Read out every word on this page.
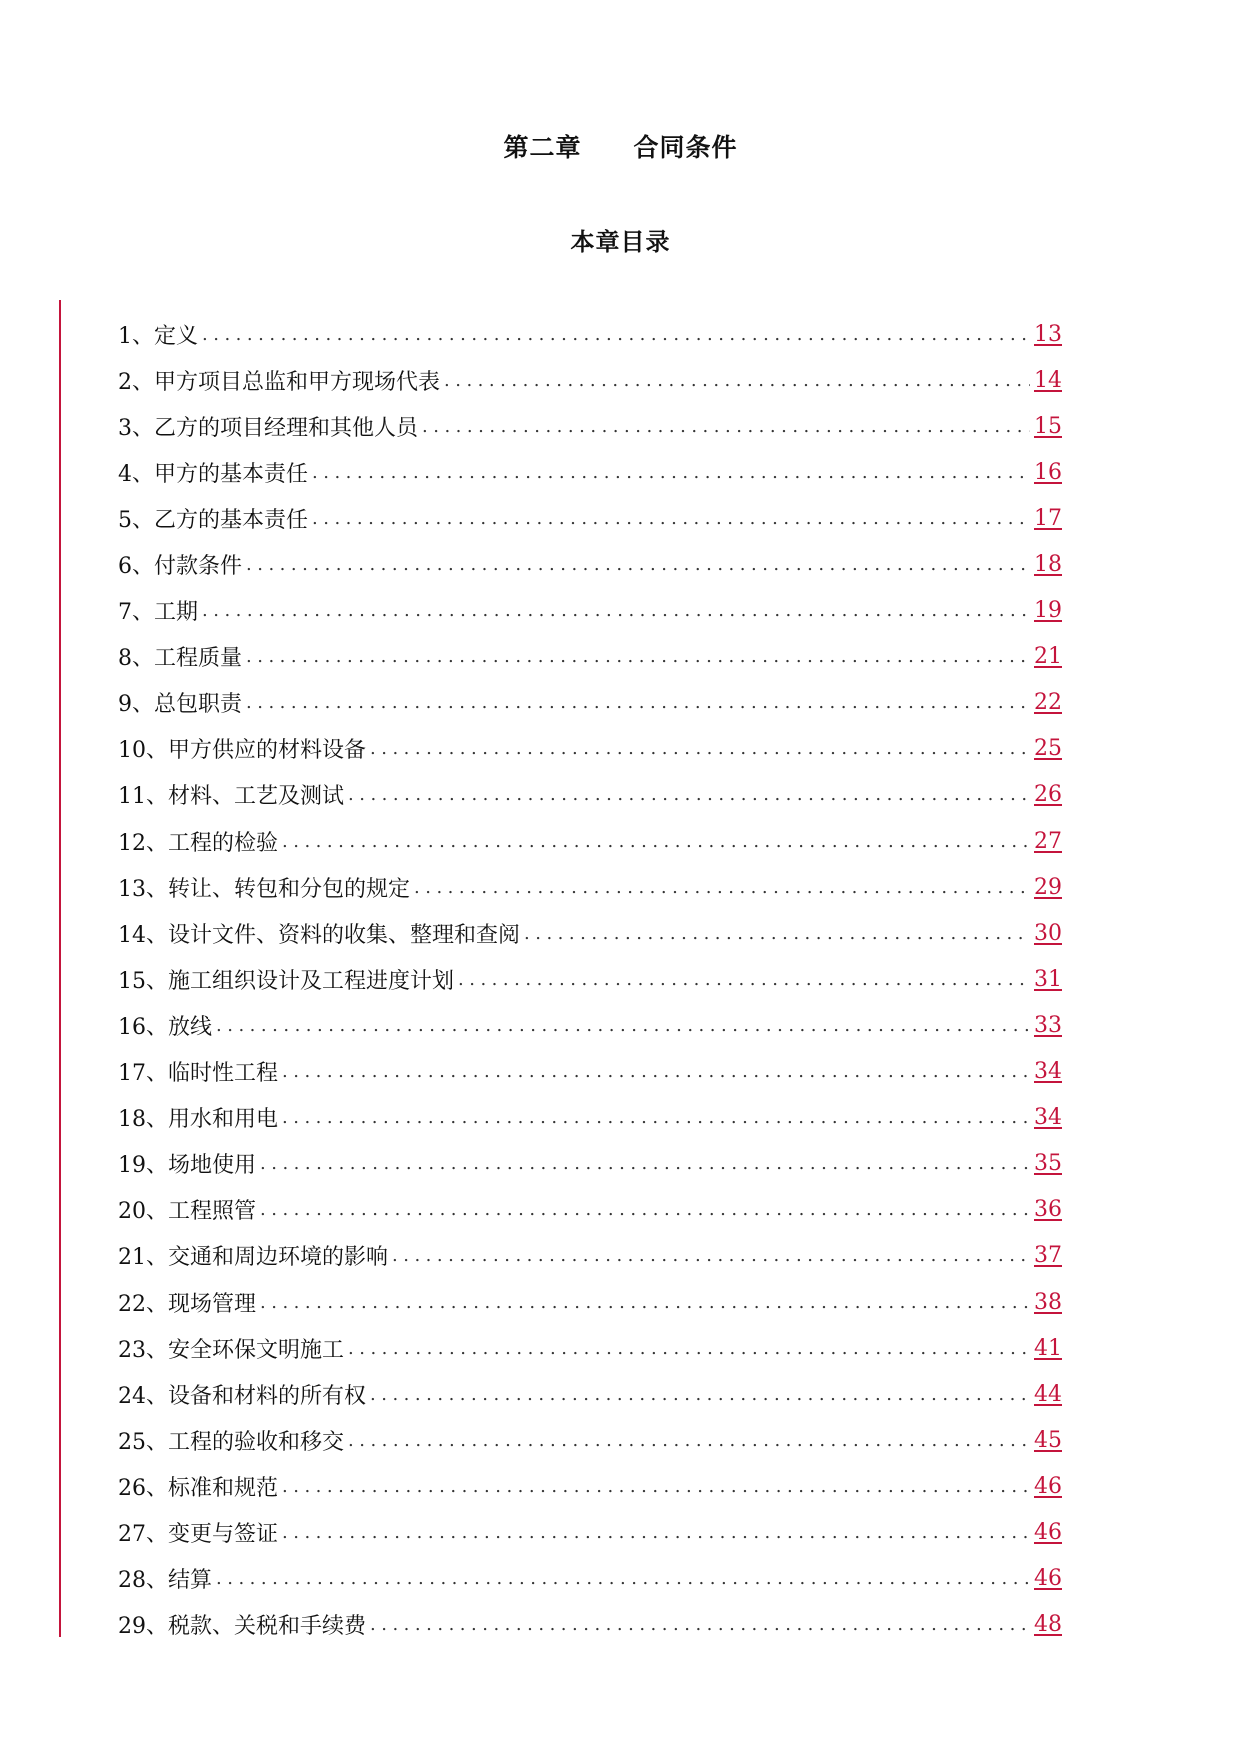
第二章 合同条件
本章目录
1、 定义 .....	13
2、 甲方项目总监和甲方现场代表 .....	14
3、 乙方的项目经理和其他人员 .....	15
4、 甲方的基本责任 .....	16
5、 乙方的基本责任 .....	17
6、 付款条件 .....	18
7、 工期 .....	19
8、 工程质量 .....	21
9、 总包职责 .....	22
10、 甲方供应的材料设备 .....	25
11、 材料、工艺及测试 .....	26
12、 工程的检验 .....	27
13、 转让、转包和分包的规定 .....	29
14、 设计文件、资料的收集、整理和查阅 .....	30
15、 施工组织设计及工程进度计划 .....	31
16、 放线 .....	33
17、 临时性工程 .....	34
18、 用水和用电 .....	34
19、 场地使用 .....	35
20、 工程照管 .....	36
21、 交通和周边环境的影响 .....	37
22、 现场管理 .....	38
23、 安全环保文明施工 .....	41
24、 设备和材料的所有权 .....	44
25、 工程的验收和移交 .....	45
26、 标准和规范 .....	46
27、 变更与签证 .....	46
28、 结算 .....	46
29、 税款、关税和手续费 .....	48
